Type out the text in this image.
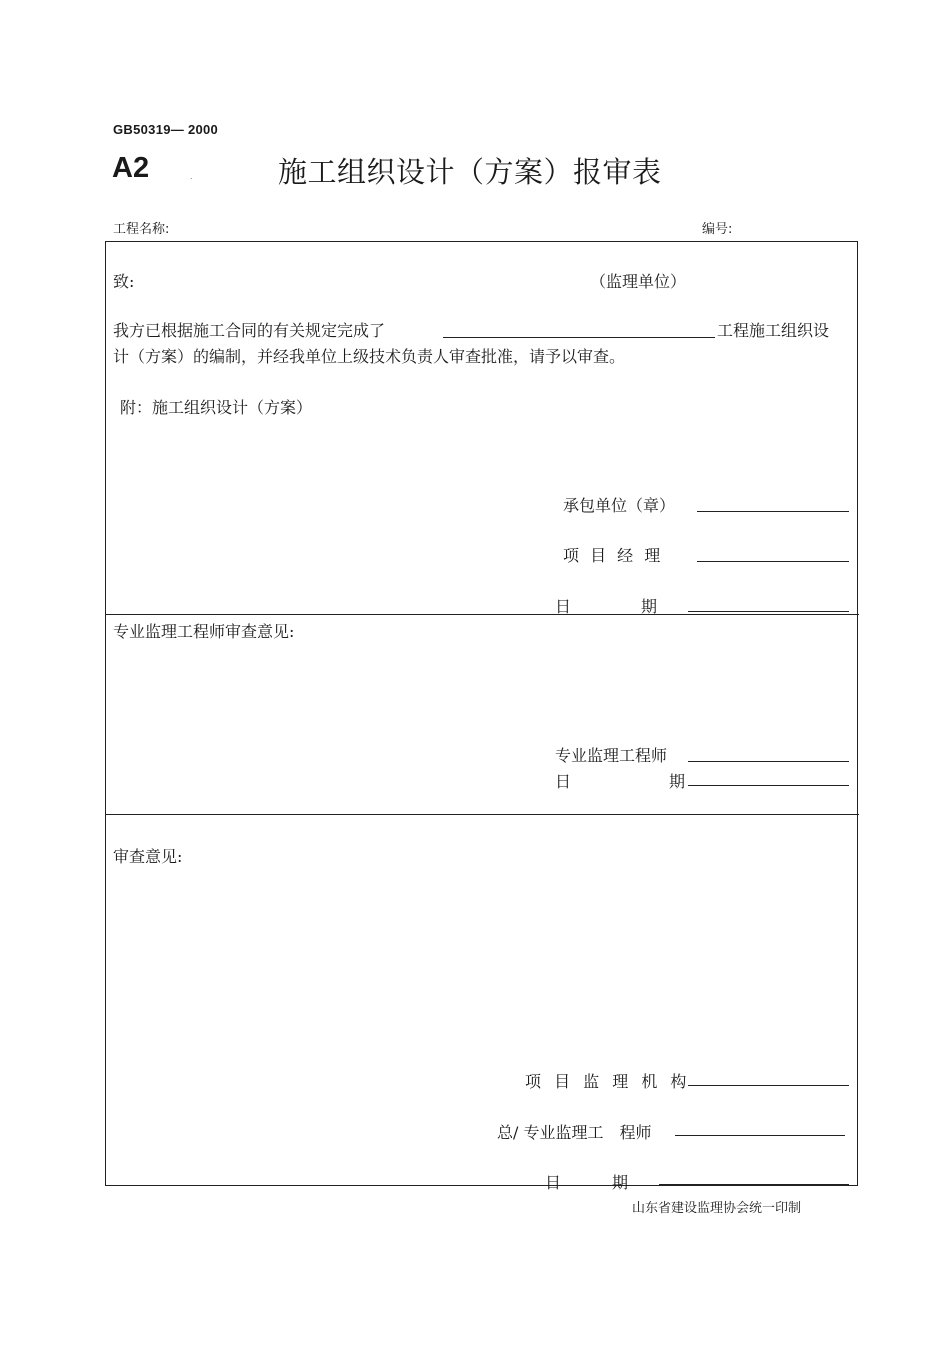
GB50319— 2000
A2	.	施工组织设计（方案）报审表
工程名称:	编号:
致:	（监理单位）
我方已根据施工合同的有关规定完成了	工程施工组织设
计（方案）的编制，并经我单位上级技术负责人审查批准，请予以审查。
附：施工组织设计（方案）
承包单位（章）
项 目 经 理
日	期
专业监理工程师审查意见:
专业监理工程师
日	期
审查意见:
项 目 监 理 机 构
总/ 专业监理工　程师
日	期
山东省建设监理协会统一印制
